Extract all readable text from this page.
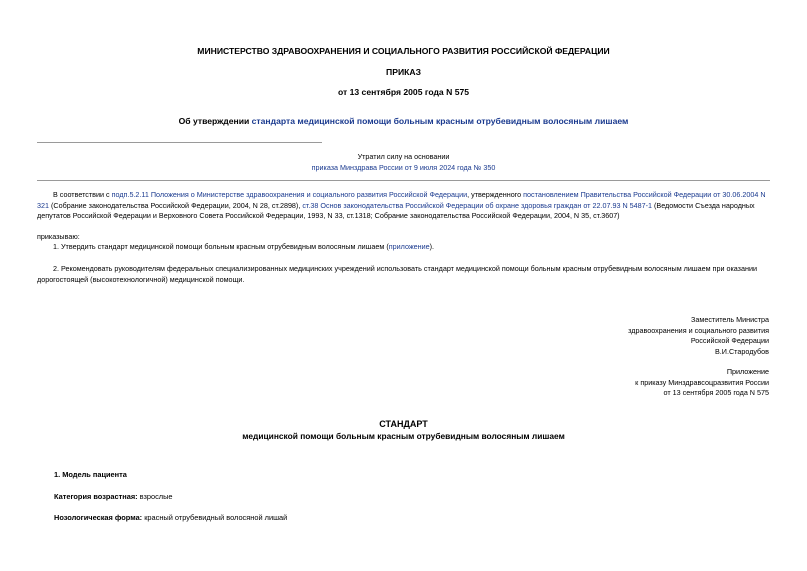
МИНИСТЕРСТВО ЗДРАВООХРАНЕНИЯ И СОЦИАЛЬНОГО РАЗВИТИЯ РОССИЙСКОЙ ФЕДЕРАЦИИ
ПРИКАЗ
от 13 сентября 2005 года N 575
Об утверждении стандарта медицинской помощи больным красным отрубевидным волосяным лишаем
Утратил силу на основании
приказа Минздрава России от 9 июля 2024 года № 350
В соответствии с подп.5.2.11 Положения о Министерстве здравоохранения и социального развития Российской Федерации, утвержденного постановлением Правительства Российской Федерации от 30.06.2004 N 321 (Собрание законодательства Российской Федерации, 2004, N 28, ст.2898), ст.38 Основ законодательства Российской Федерации об охране здоровья граждан от 22.07.93 N 5487-1 (Ведомости Съезда народных депутатов Российской Федерации и Верховного Совета Российской Федерации, 1993, N 33, ст.1318; Собрание законодательства Российской Федерации, 2004, N 35, ст.3607)
приказываю:
1. Утвердить стандарт медицинской помощи больным красным отрубевидным волосяным лишаем (приложение).
2. Рекомендовать руководителям федеральных специализированных медицинских учреждений использовать стандарт медицинской помощи больным красным отрубевидным волосяным лишаем при оказании дорогостоящей (высокотехнологичной) медицинской помощи.
Заместитель Министра
здравоохранения и социального развития
Российской Федерации
В.И.Стародубов
Приложение
к приказу Минздравсоцразвития России
от 13 сентября 2005 года N 575
СТАНДАРТ
медицинской помощи больным красным отрубевидным волосяным лишаем
1. Модель пациента
Категория возрастная: взрослые
Нозологическая форма: красный отрубевидный волосяной лишай
